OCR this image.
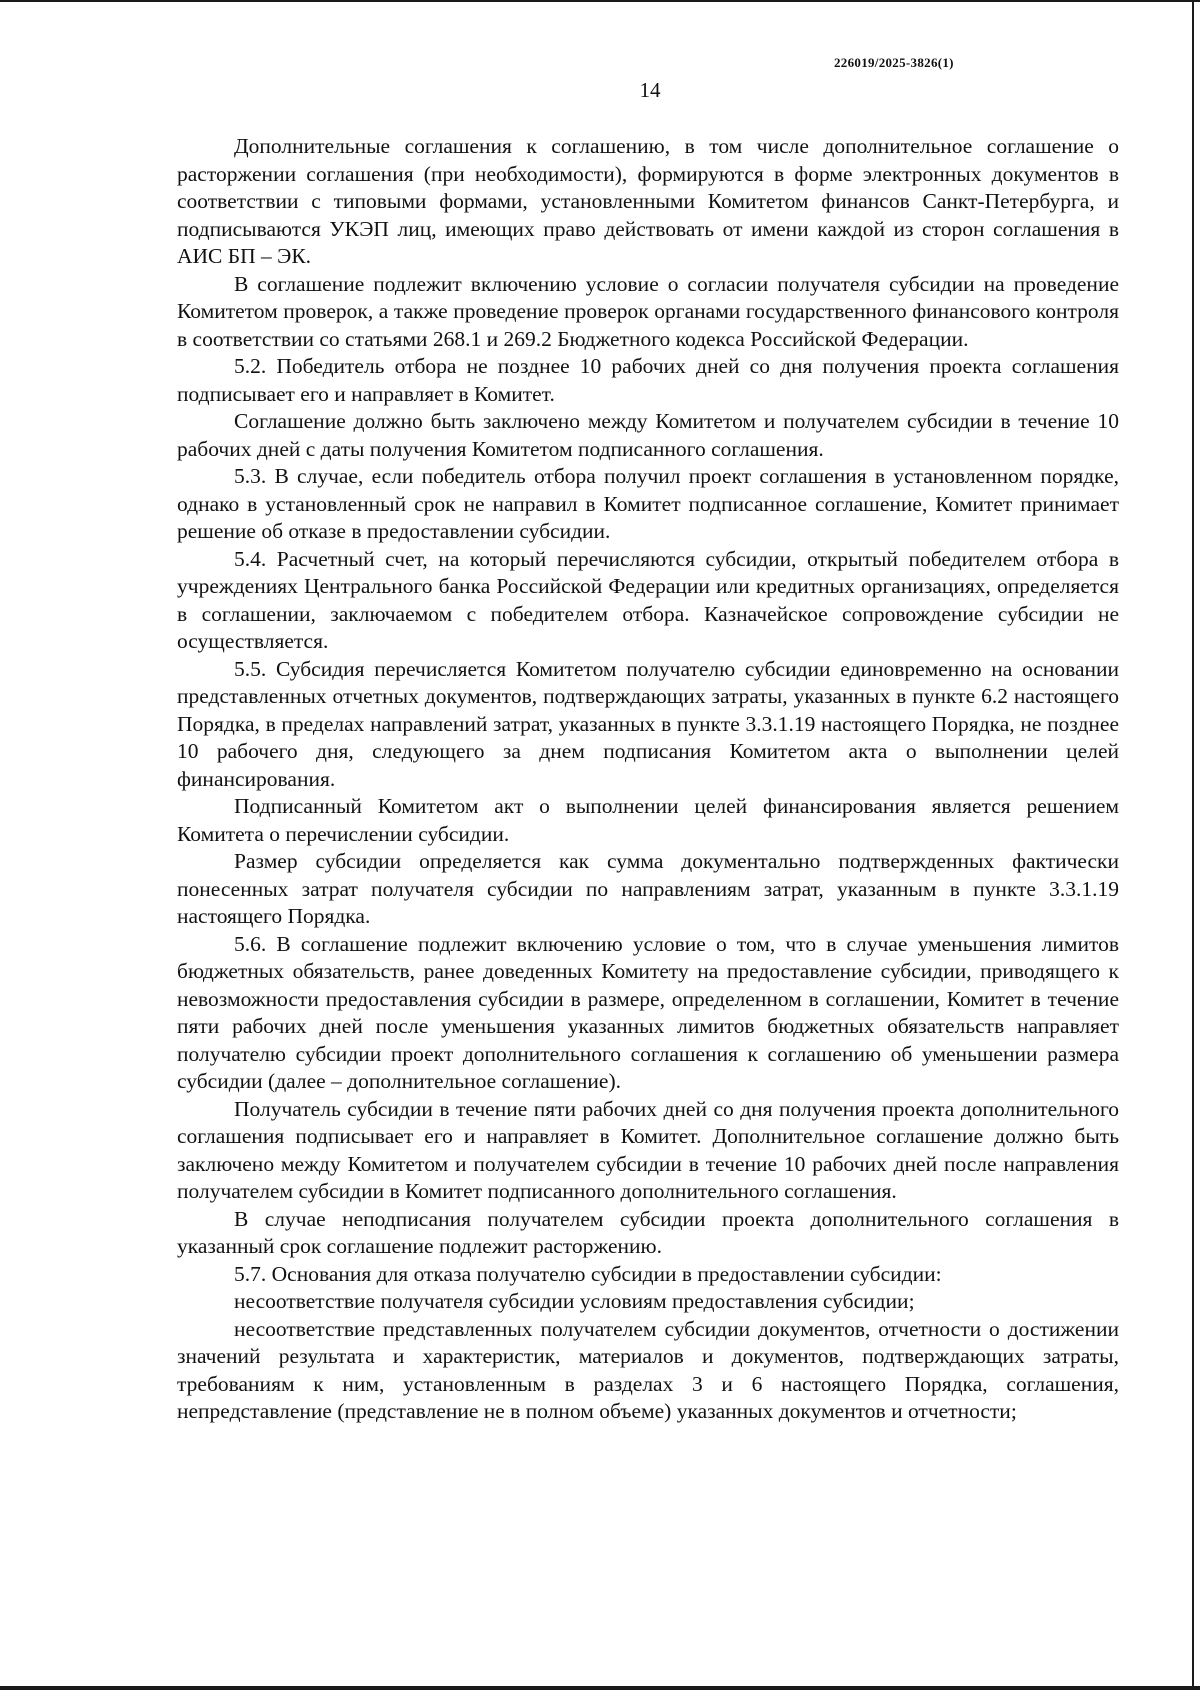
226019/2025-3826(1)
14

Дополнительные соглашения к соглашению, в том числе дополнительное соглашение о расторжении соглашения (при необходимости), формируются в форме электронных документов в соответствии с типовыми формами, установленными Комитетом финансов Санкт-Петербурга, и подписываются УКЭП лиц, имеющих право действовать от имени каждой из сторон соглашения в АИС БП – ЭК.

В соглашение подлежит включению условие о согласии получателя субсидии на проведение Комитетом проверок, а также проведение проверок органами государственного финансового контроля в соответствии со статьями 268.1 и 269.2 Бюджетного кодекса Российской Федерации.

5.2. Победитель отбора не позднее 10 рабочих дней со дня получения проекта соглашения подписывает его и направляет в Комитет.

Соглашение должно быть заключено между Комитетом и получателем субсидии в течение 10 рабочих дней с даты получения Комитетом подписанного соглашения.

5.3. В случае, если победитель отбора получил проект соглашения в установленном порядке, однако в установленный срок не направил в Комитет подписанное соглашение, Комитет принимает решение об отказе в предоставлении субсидии.

5.4. Расчетный счет, на который перечисляются субсидии, открытый победителем отбора в учреждениях Центрального банка Российской Федерации или кредитных организациях, определяется в соглашении, заключаемом с победителем отбора. Казначейское сопровождение субсидии не осуществляется.

5.5. Субсидия перечисляется Комитетом получателю субсидии единовременно на основании представленных отчетных документов, подтверждающих затраты, указанных в пункте 6.2 настоящего Порядка, в пределах направлений затрат, указанных в пункте 3.3.1.19 настоящего Порядка, не позднее 10 рабочего дня, следующего за днем подписания Комитетом акта о выполнении целей финансирования.

Подписанный Комитетом акт о выполнении целей финансирования является решением Комитета о перечислении субсидии.

Размер субсидии определяется как сумма документально подтвержденных фактически понесенных затрат получателя субсидии по направлениям затрат, указанным в пункте 3.3.1.19 настоящего Порядка.

5.6. В соглашение подлежит включению условие о том, что в случае уменьшения лимитов бюджетных обязательств, ранее доведенных Комитету на предоставление субсидии, приводящего к невозможности предоставления субсидии в размере, определенном в соглашении, Комитет в течение пяти рабочих дней после уменьшения указанных лимитов бюджетных обязательств направляет получателю субсидии проект дополнительного соглашения к соглашению об уменьшении размера субсидии (далее – дополнительное соглашение).

Получатель субсидии в течение пяти рабочих дней со дня получения проекта дополнительного соглашения подписывает его и направляет в Комитет. Дополнительное соглашение должно быть заключено между Комитетом и получателем субсидии в течение 10 рабочих дней после направления получателем субсидии в Комитет подписанного дополнительного соглашения.

В случае неподписания получателем субсидии проекта дополнительного соглашения в указанный срок соглашение подлежит расторжению.

5.7. Основания для отказа получателю субсидии в предоставлении субсидии:

несоответствие получателя субсидии условиям предоставления субсидии;

несоответствие представленных получателем субсидии документов, отчетности о достижении значений результата и характеристик, материалов и документов, подтверждающих затраты, требованиям к ним, установленным в разделах 3 и 6 настоящего Порядка, соглашения, непредставление (представление не в полном объеме) указанных документов и отчетности;
